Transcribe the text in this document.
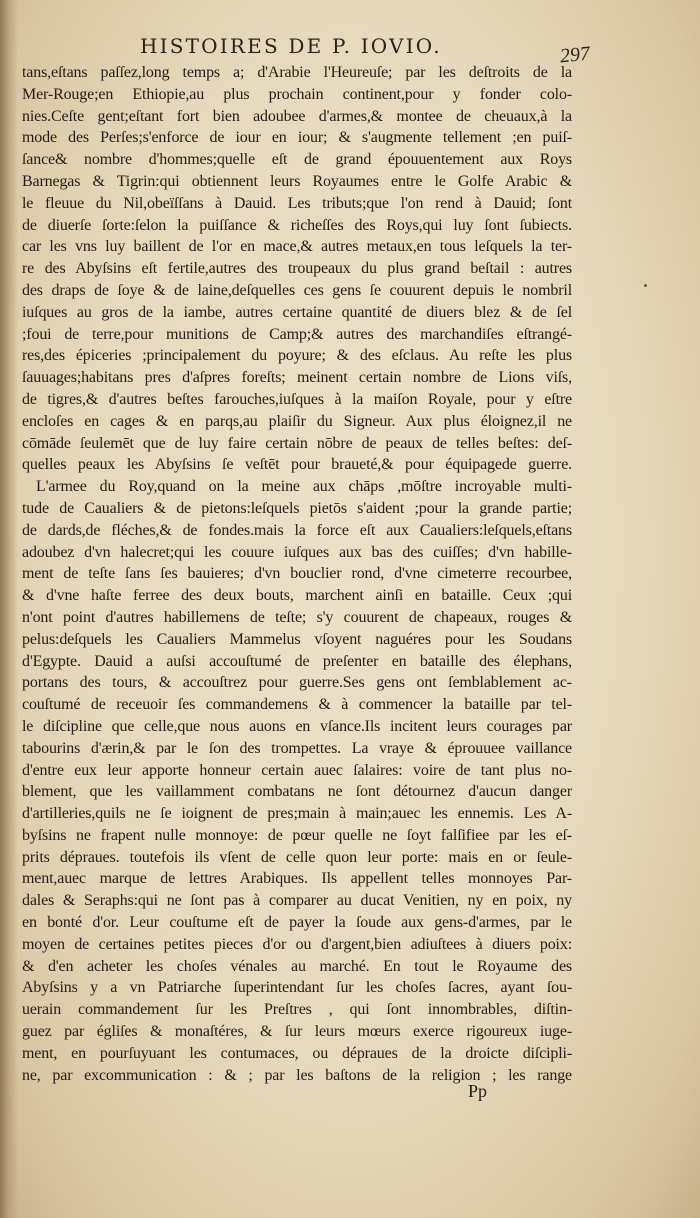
HISTOIRES DE P. IOVIO.	297
tans,eſtans paſſez,long temps a; d'Arabie l'Heureuſe; par les deſtroits de la
Mer-Rouge;en Ethiopie,au plus prochain continent,pour y fonder colo-
nies.Ceſte gent;eſtant fort bien adoubee d'armes,& montee de cheuaux,à la
mode des Perſes;s'enforce de iour en iour; & s'augmente tellement ;en puiſ-
ſance& nombre d'hommes;quelle eſt de grand épouuentement aux Roys
Barnegas & Tigrin:qui obtiennent leurs Royaumes entre le Golfe Arabic &
le fleuue du Nil,obeïſſans à Dauid. Les tributs;que l'on rend à Dauid; ſont
de diuerſe ſorte:ſelon la puiſſance & richeſſes des Roys,qui luy ſont ſubiects.
car les vns luy baillent de l'or en mace,& autres metaux,en tous leſquels la ter-
re des Abyſsins eſt fertile,autres des troupeaux du plus grand beſtail : autres
des draps de ſoye & de laine,deſquelles ces gens ſe couurent depuis le nombril
iuſques au gros de la iambe, autres certaine quantité de diuers blez & de ſel
;foui de terre,pour munitions de Camp;& autres des marchandiſes eſtrangé-
res,des épiceries ;principalement du poyure; & des eſclaus. Au reſte les plus
ſauuages;habitans pres d'aſpres foreſts; meinent certain nombre de Lions viſs,
de tigres,& d'autres beſtes farouches,iuſques à la maiſon Royale, pour y eſtre
encloſes en cages & en parqs,au plaiſir du Signeur. Aux plus éloignez,il ne
cōmāde ſeulemēt que de luy faire certain nōbre de peaux de telles beſtes: deſ-
quelles peaux les Abyſsins ſe veſtēt pour braueté,& pour équipagede guerre.
L'armee du Roy,quand on la meine aux chāps ,mōſtre incroyable multi-
tude de Caualiers & de pietons:leſquels pietōs s'aident ;pour la grande partie;
de dards,de fléches,& de fondes.mais la force eſt aux Caualiers:leſquels,eſtans
adoubez d'vn halecret;qui les couure iuſques aux bas des cuiſſes; d'vn habille-
ment de teſte ſans ſes bauieres; d'vn bouclier rond, d'vne cimeterre recourbee,
& d'vne haſte ferree des deux bouts, marchent ainſi en bataille. Ceux ;qui
n'ont point d'autres habillemens de teſte; s'y couurent de chapeaux, rouges &
pelus:deſquels les Caualiers Mammelus vſoyent naguéres pour les Soudans
d'Egypte. Dauid a auſsi accouſtumé de preſenter en bataille des élephans,
portans des tours, & accouſtrez pour guerre.Ses gens ont ſemblablement ac-
couſtumé de receuoir ſes commandemens & à commencer la bataille par tel-
le diſcipline que celle,que nous auons en vſance.Ils incitent leurs courages par
tabourins d'ærin,& par le ſon des trompettes. La vraye & éprouuee vaillance
d'entre eux leur apporte honneur certain auec ſalaires: voire de tant plus no-
blement, que les vaillamment combatans ne ſont détournez d'aucun danger
d'artilleries,quils ne ſe ioignent de pres;main à main;auec les ennemis. Les A-
byſsins ne frapent nulle monnoye: de pœur quelle ne ſoyt falſifiee par les eſ-
prits dépraues. toutefois ils vſent de celle quon leur porte: mais en or ſeule-
ment,auec marque de lettres Arabiques. Ils appellent telles monnoyes Par-
dales & Seraphs:qui ne ſont pas à comparer au ducat Venitien, ny en poix, ny
en bonté d'or. Leur couſtume eſt de payer la ſoude aux gens-d'armes, par le
moyen de certaines petites pieces d'or ou d'argent,bien adiuſtees à diuers poix:
& d'en acheter les choſes vénales au marché. En tout le Royaume des
Abyſsins y a vn Patriarche ſuperintendant ſur les choſes ſacres, ayant ſou-
uerain commandement ſur les Preſtres , qui ſont innombrables, diſtin-
guez par égliſes & monaſtéres, & ſur leurs mœurs exerce rigoureux iuge-
ment, en pourſuyuant les contumaces, ou dépraues de la droicte diſcipli-
ne, par excommunication : & ; par les baſtons de la religion ; les range
Pp
